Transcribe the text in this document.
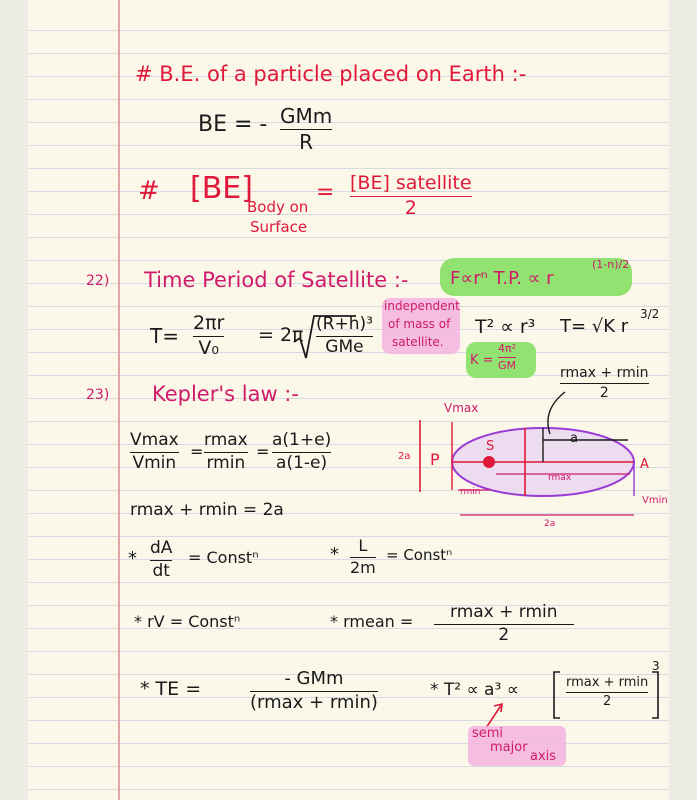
# B.E. of a particle placed on Earth :-
BE = - GMm
R
# [BE]
Body on
Surface
= [BE] satellite
2
22) Time Period of Satellite :- F∝rⁿ T.P. ∝ r
(1-n)/2
T=
2πr
V₀
= 2π (R+h)³
GMe
independent
of mass of
satellite.
T² ∝ r³ T= √K r
3/2
K =
4π²
GM
23) Kepler's law :-
rmax + rmin
2
Vmax
Vmin
=
rmax
rmin
=
a(1+e)
a(1-e)
rmax + rmin = 2a
Vmax
a
S
P
2a
rmax
rmin
A
Vmin
2a
* dA
dt
= Constⁿ	* L
2m
= Constⁿ
* rV = Constⁿ	* rmean = rmax + rmin
2
* TE =	- GMm
(rmax + rmin)
* T² ∝ a³ ∝	rmax + rmin
2
3
semi
major
axis
